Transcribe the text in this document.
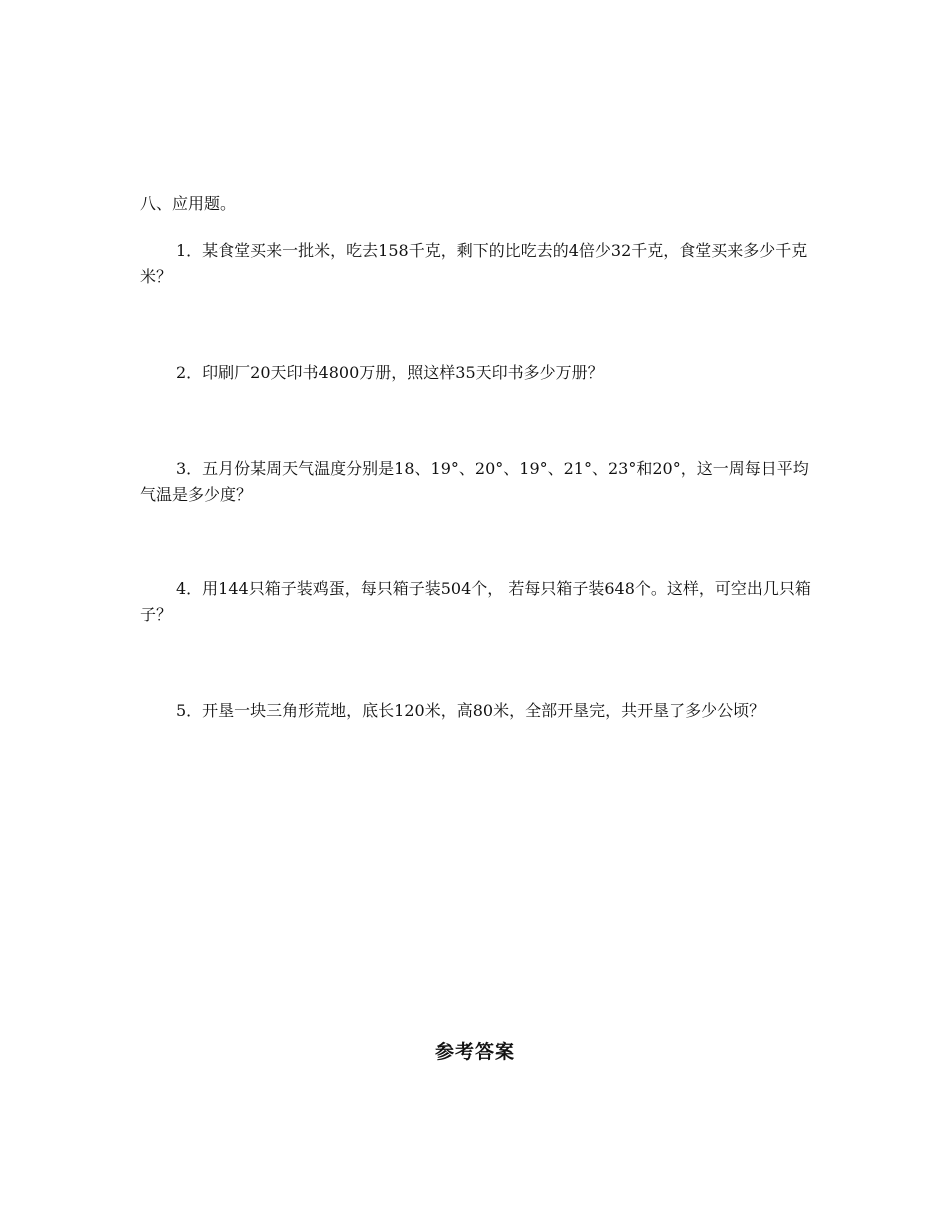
八、应用题。
1．某食堂买来一批米，吃去158千克，剩下的比吃去的4倍少32千克，食堂买来多少千克米？
2．印刷厂20天印书4800万册，照这样35天印书多少万册？
3．五月份某周天气温度分别是18、19°、20°、19°、21°、23°和20°，这一周每日平均气温是多少度？
4．用144只箱子装鸡蛋，每只箱子装504个， 若每只箱子装648个。这样，可空出几只箱子？
5．开垦一块三角形荒地，底长120米，高80米，全部开垦完，共开垦了多少公顷？
参考答案
